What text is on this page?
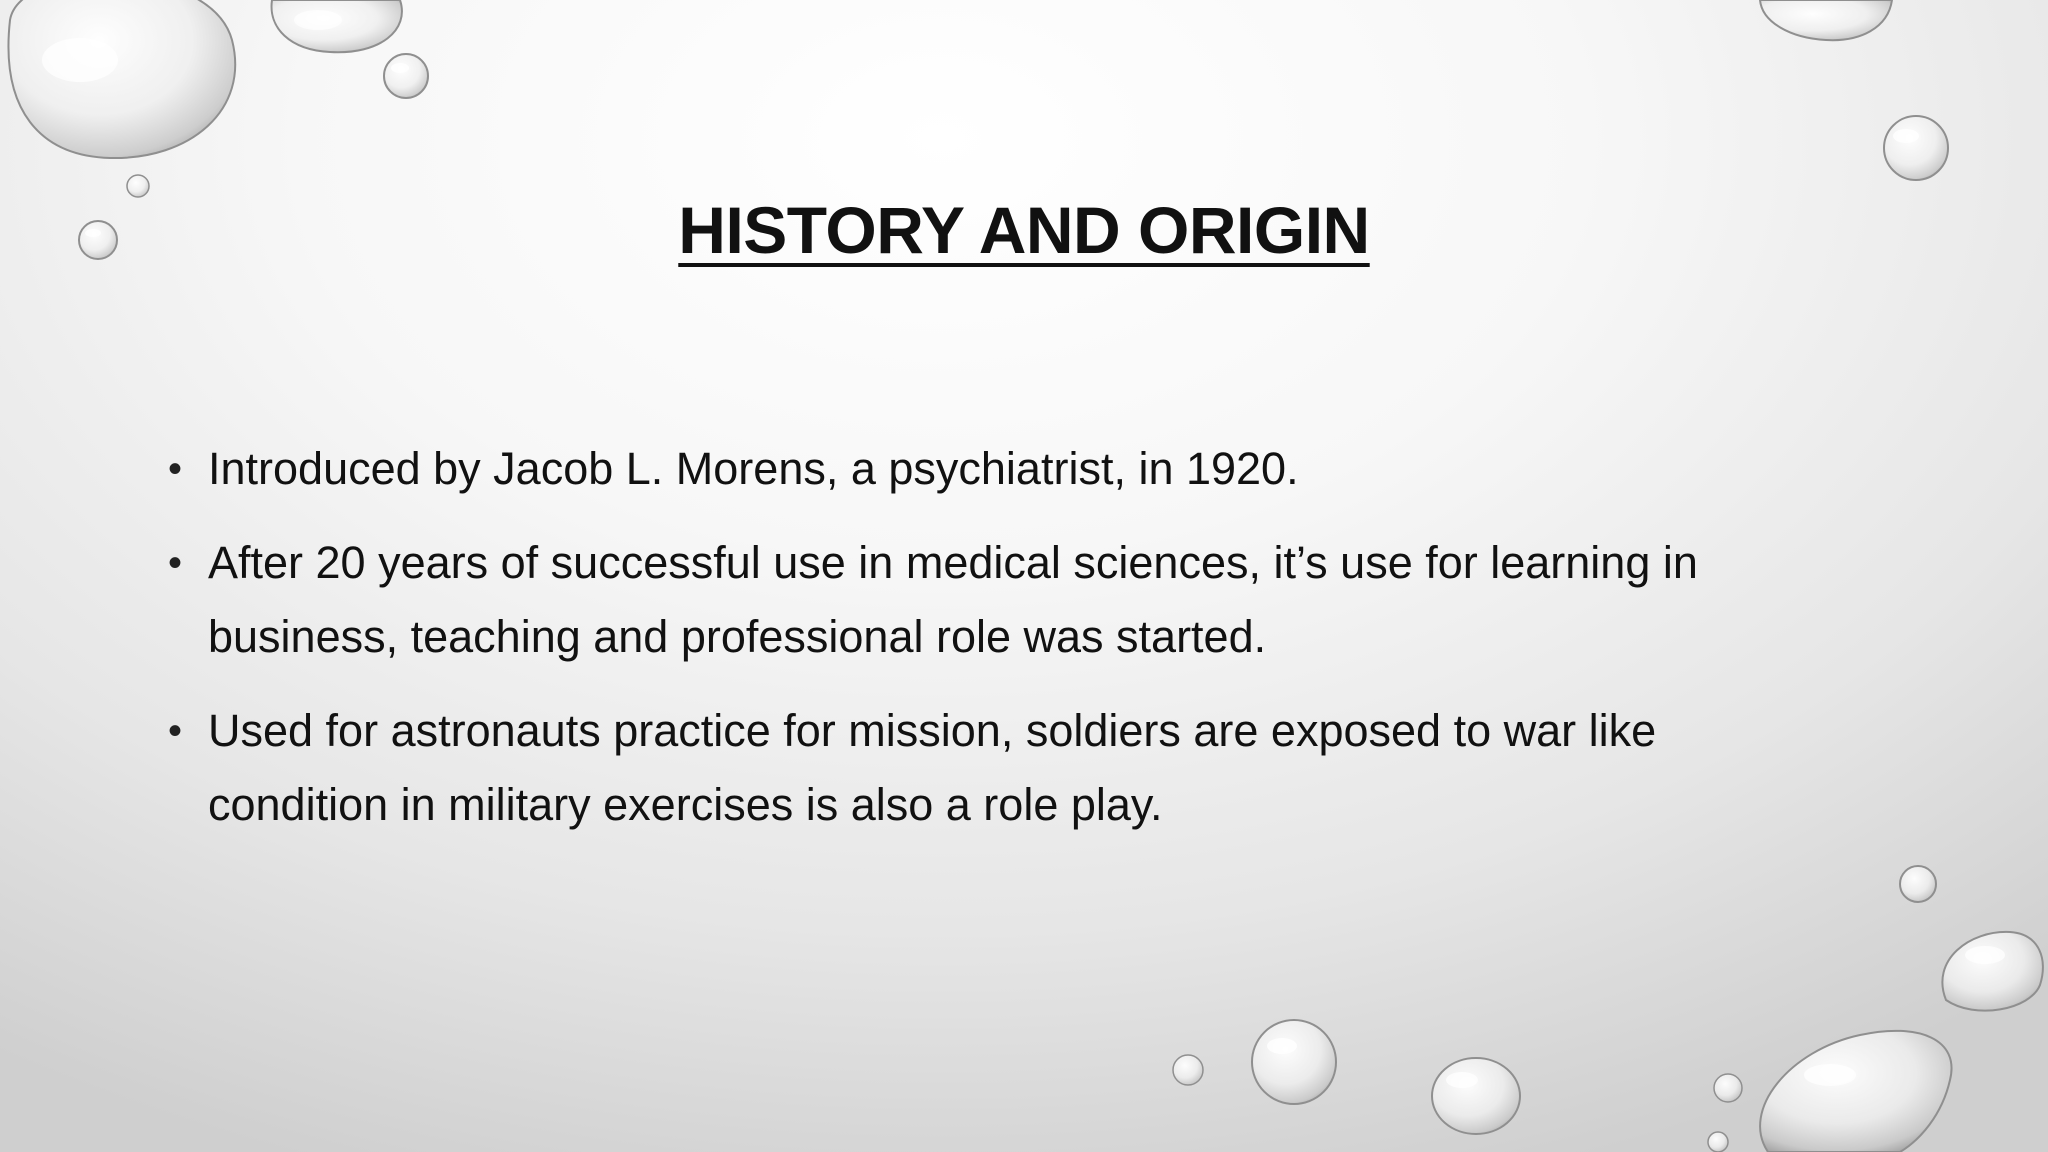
HISTORY AND ORIGIN
• Introduced by Jacob L. Morens, a psychiatrist, in 1920.
• After 20 years of successful use in medical sciences, it’s use for learning in business, teaching and professional role was started.
• Used for astronauts practice for mission, soldiers are exposed to war like condition in military exercises is also a role play.
